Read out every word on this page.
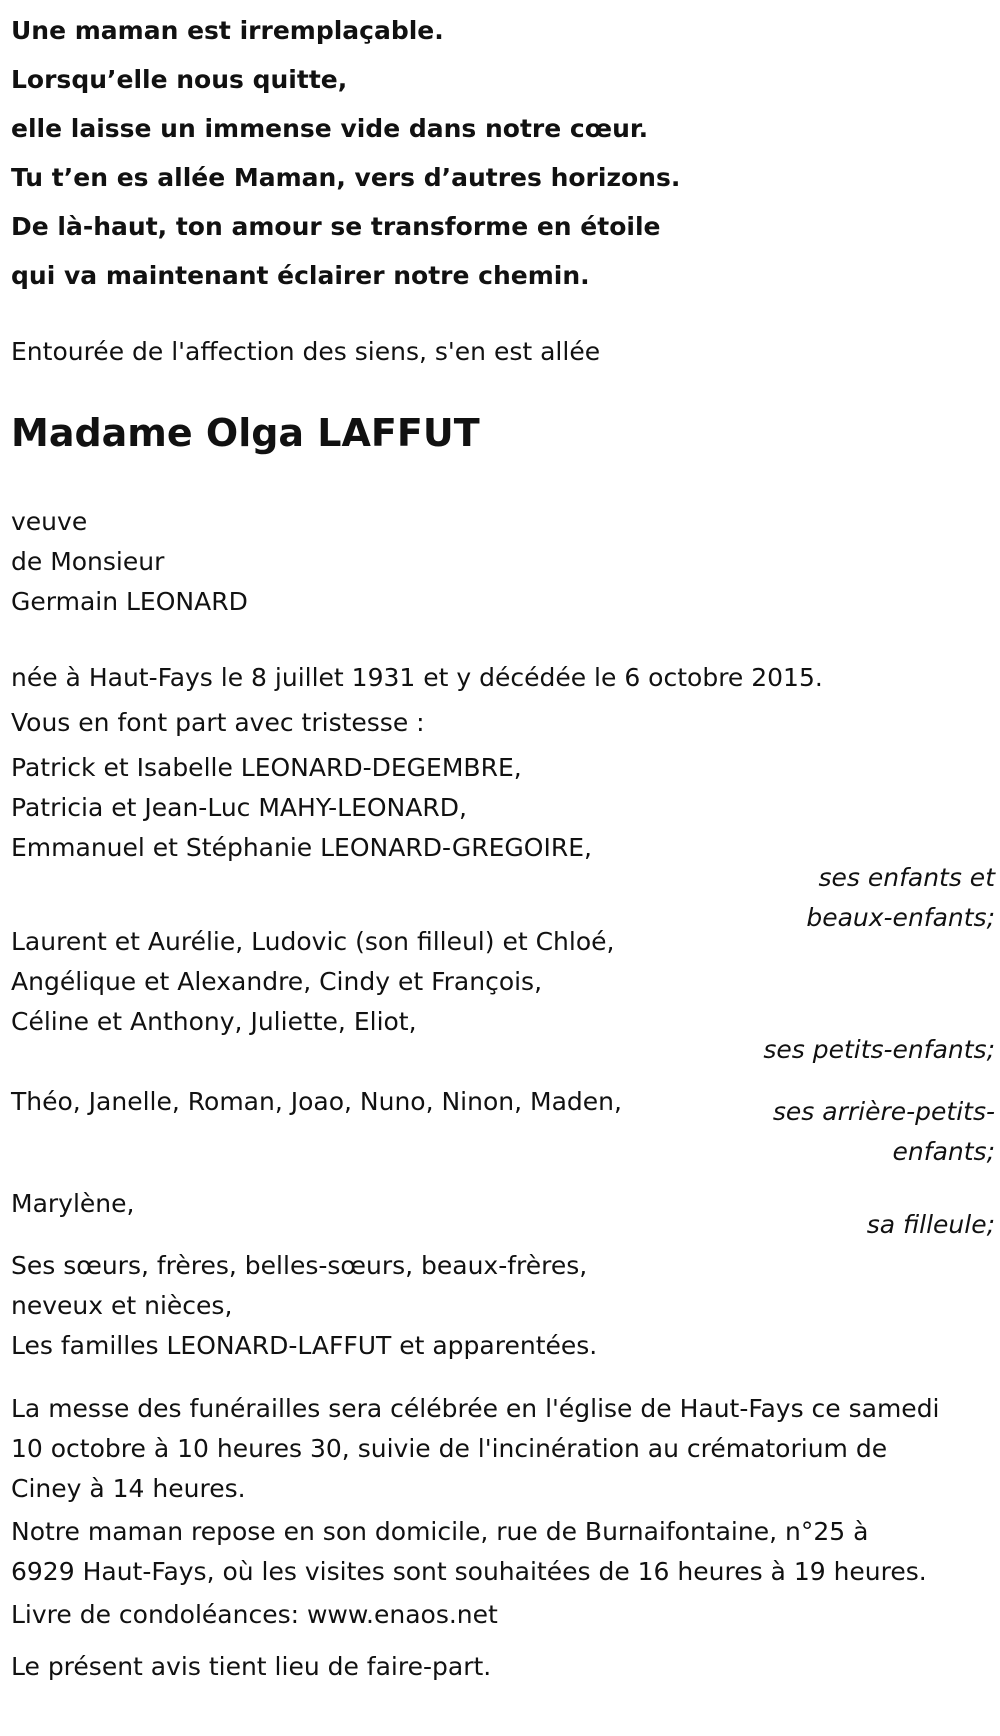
Une maman est irremplaçable.
Lorsqu’elle nous quitte,
elle laisse un immense vide dans notre cœur.
Tu t’en es allée Maman, vers d’autres horizons.
De là-haut, ton amour se transforme en étoile
qui va maintenant éclairer notre chemin.
Entourée de l'affection des siens, s'en est allée
Madame Olga LAFFUT
veuve
de Monsieur
Germain LEONARD
née à Haut-Fays le 8 juillet 1931 et y décédée le 6 octobre 2015.
Vous en font part avec tristesse :
Patrick et Isabelle LEONARD-DEGEMBRE,
Patricia et Jean-Luc MAHY-LEONARD,
Emmanuel et Stéphanie LEONARD-GREGOIRE,
ses enfants et
beaux-enfants;
Laurent et Aurélie, Ludovic (son filleul) et Chloé,
Angélique et Alexandre, Cindy et François,
Céline et Anthony, Juliette, Eliot,
ses petits-enfants;
Théo, Janelle, Roman, Joao, Nuno, Ninon, Maden,	ses arrière-petits-
enfants;
Marylène,
sa filleule;
Ses sœurs, frères, belles-sœurs, beaux-frères,
neveux et nièces,
Les familles LEONARD-LAFFUT et apparentées.
La messe des funérailles sera célébrée en l'église de Haut-Fays ce samedi
10 octobre à 10 heures 30, suivie de l'incinération au crématorium de
Ciney à 14 heures.
Notre maman repose en son domicile, rue de Burnaifontaine, n°25 à
6929 Haut-Fays, où les visites sont souhaitées de 16 heures à 19 heures.
Livre de condoléances: www.enaos.net
Le présent avis tient lieu de faire-part.
